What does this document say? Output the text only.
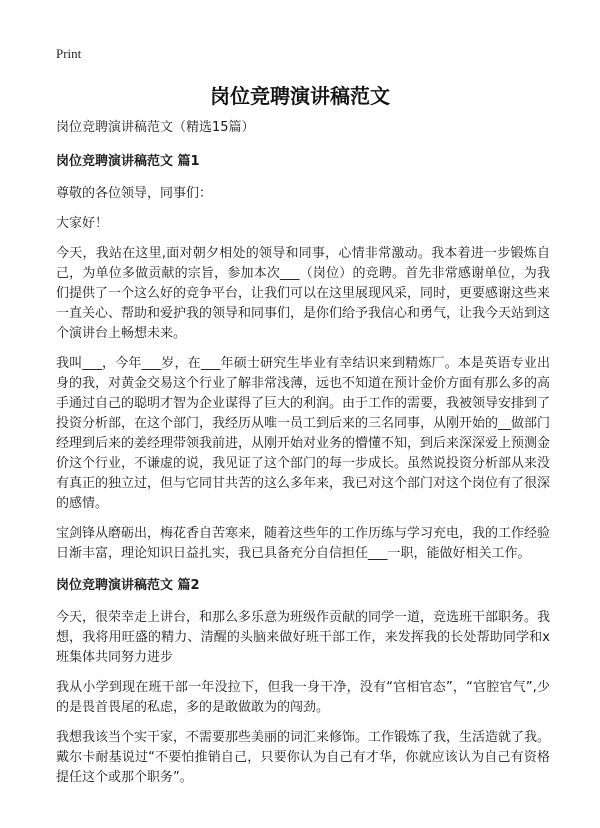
Print
岗位竞聘演讲稿范文

岗位竞聘演讲稿范文（精选15篇）

岗位竞聘演讲稿范文 篇1

尊敬的各位领导，同事们：

大家好！

今天，我站在这里,面对朝夕相处的领导和同事，心情非常激动。我本着进一步锻炼自己，为单位多做贡献的宗旨，参加本次___（岗位）的竞聘。首先非常感谢单位，为我们提供了一个这么好的竞争平台，让我们可以在这里展现风采，同时，更要感谢这些来一直关心、帮助和爱护我的领导和同事们，是你们给予我信心和勇气，让我今天站到这个演讲台上畅想未来。

我叫___，今年___岁，在___年硕士研究生毕业有幸结识来到精炼厂。本是英语专业出身的我，对黄金交易这个行业了解非常浅薄，远也不知道在预计金价方面有那么多的高手通过自己的聪明才智为企业谋得了巨大的利润。由于工作的需要，我被领导安排到了投资分析部，在这个部门，我经历从唯一员工到后来的三名同事，从刚开始的__做部门经理到后来的姜经理带领我前进，从刚开始对业务的懵懂不知，到后来深深爱上预测金价这个行业，不谦虚的说，我见证了这个部门的每一步成长。虽然说投资分析部从来没有真正的独立过，但与它同甘共苦的这么多年来，我已对这个部门对这个岗位有了很深的感情。

宝剑锋从磨砺出，梅花香自苦寒来，随着这些年的工作历练与学习充电，我的工作经验日渐丰富，理论知识日益扎实，我已具备充分自信担任___一职，能做好相关工作。

岗位竞聘演讲稿范文 篇2

今天，很荣幸走上讲台，和那么多乐意为班级作贡献的同学一道，竞选班干部职务。我想，我将用旺盛的精力、清醒的头脑来做好班干部工作，来发挥我的长处帮助同学和x班集体共同努力进步

我从小学到现在班干部一年没拉下，但我一身干净，没有“官相官态”，“官腔官气”,少的是畏首畏尾的私虑，多的是敢做敢为的闯劲。

我想我该当个实干家，不需要那些美丽的词汇来修饰。工作锻炼了我，生活造就了我。戴尔卡耐基说过“不要怕推销自己，只要你认为自己有才华，你就应该认为自己有资格提任这个或那个职务”。
